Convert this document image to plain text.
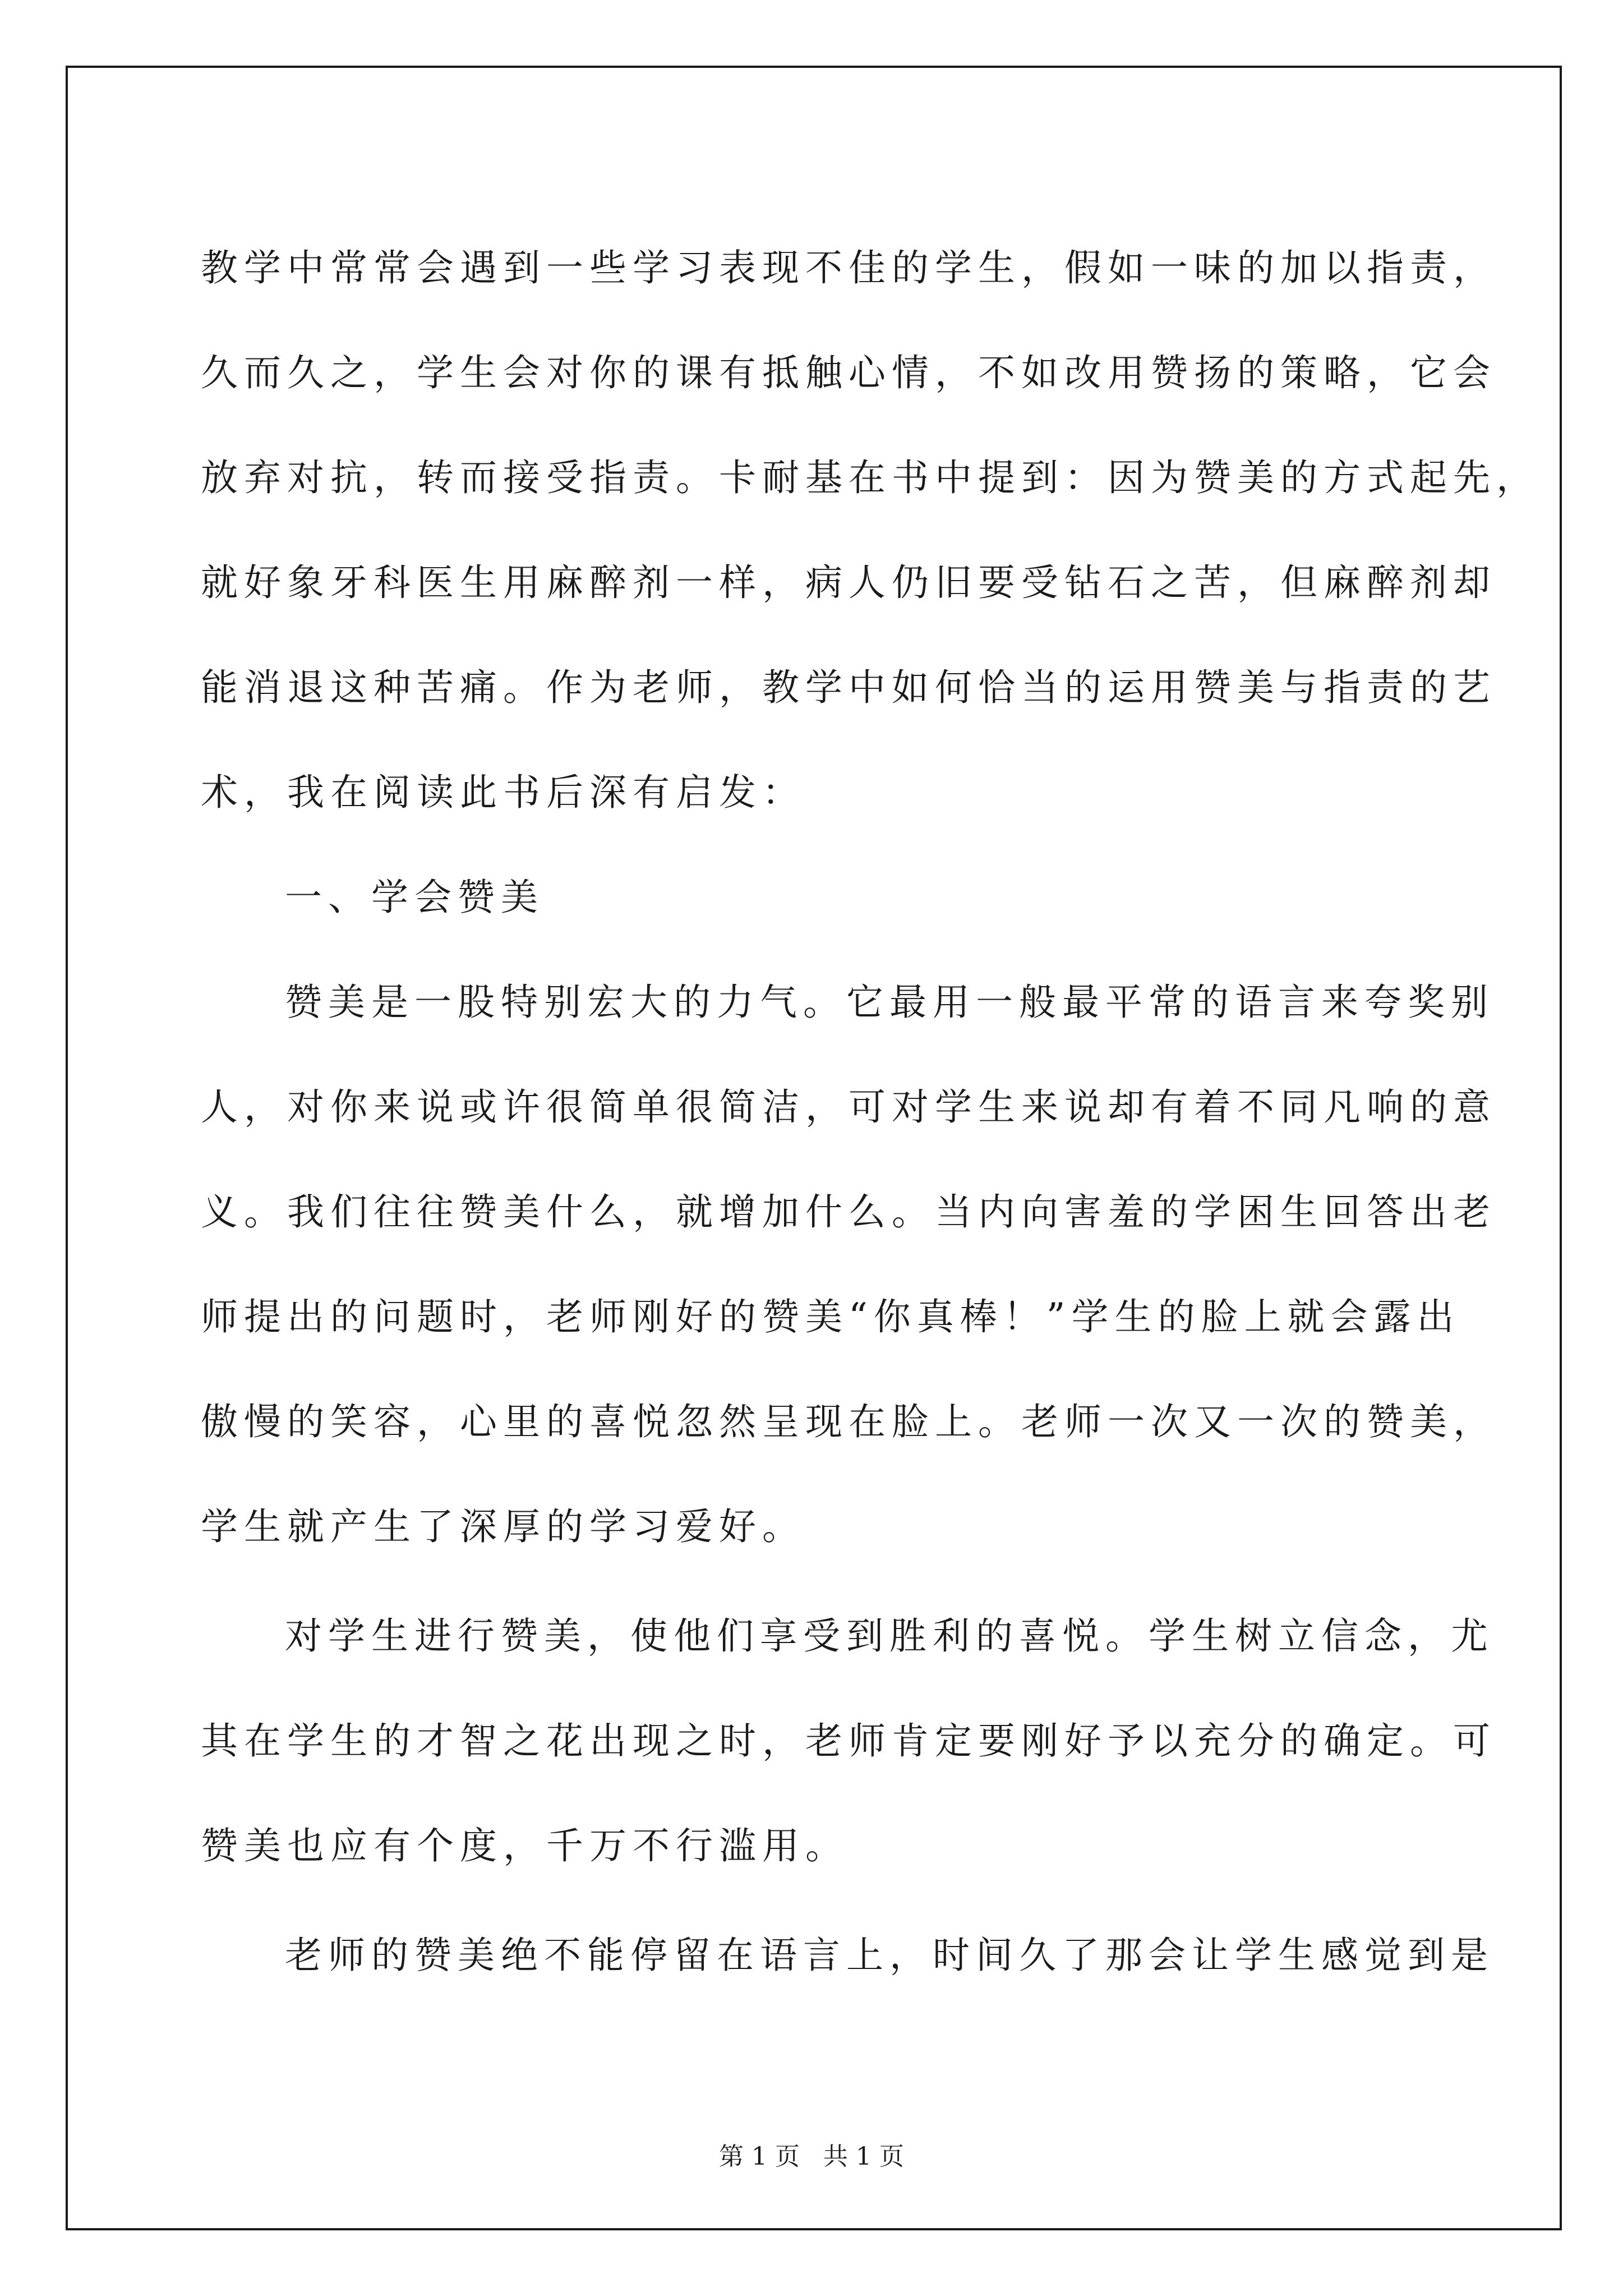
教学中常常会遇到一些学习表现不佳的学生，假如一味的加以指责，
久而久之，学生会对你的课有抵触心情，不如改用赞扬的策略，它会
放弃对抗，转而接受指责。卡耐基在书中提到：因为赞美的方式起先，
就好象牙科医生用麻醉剂一样，病人仍旧要受钻石之苦，但麻醉剂却
能消退这种苦痛。作为老师，教学中如何恰当的运用赞美与指责的艺
术，我在阅读此书后深有启发：
一、学会赞美
赞美是一股特别宏大的力气。它最用一般最平常的语言来夸奖别
人，对你来说或许很简单很简洁，可对学生来说却有着不同凡响的意
义。我们往往赞美什么，就增加什么。当内向害羞的学困生回答出老
师提出的问题时，老师刚好的赞美“你真棒！”学生的脸上就会露出
傲慢的笑容，心里的喜悦忽然呈现在脸上。老师一次又一次的赞美，
学生就产生了深厚的学习爱好。
对学生进行赞美，使他们享受到胜利的喜悦。学生树立信念，尤
其在学生的才智之花出现之时，老师肯定要刚好予以充分的确定。可
赞美也应有个度，千万不行滥用。
老师的赞美绝不能停留在语言上，时间久了那会让学生感觉到是
第 1 页   共 1 页
